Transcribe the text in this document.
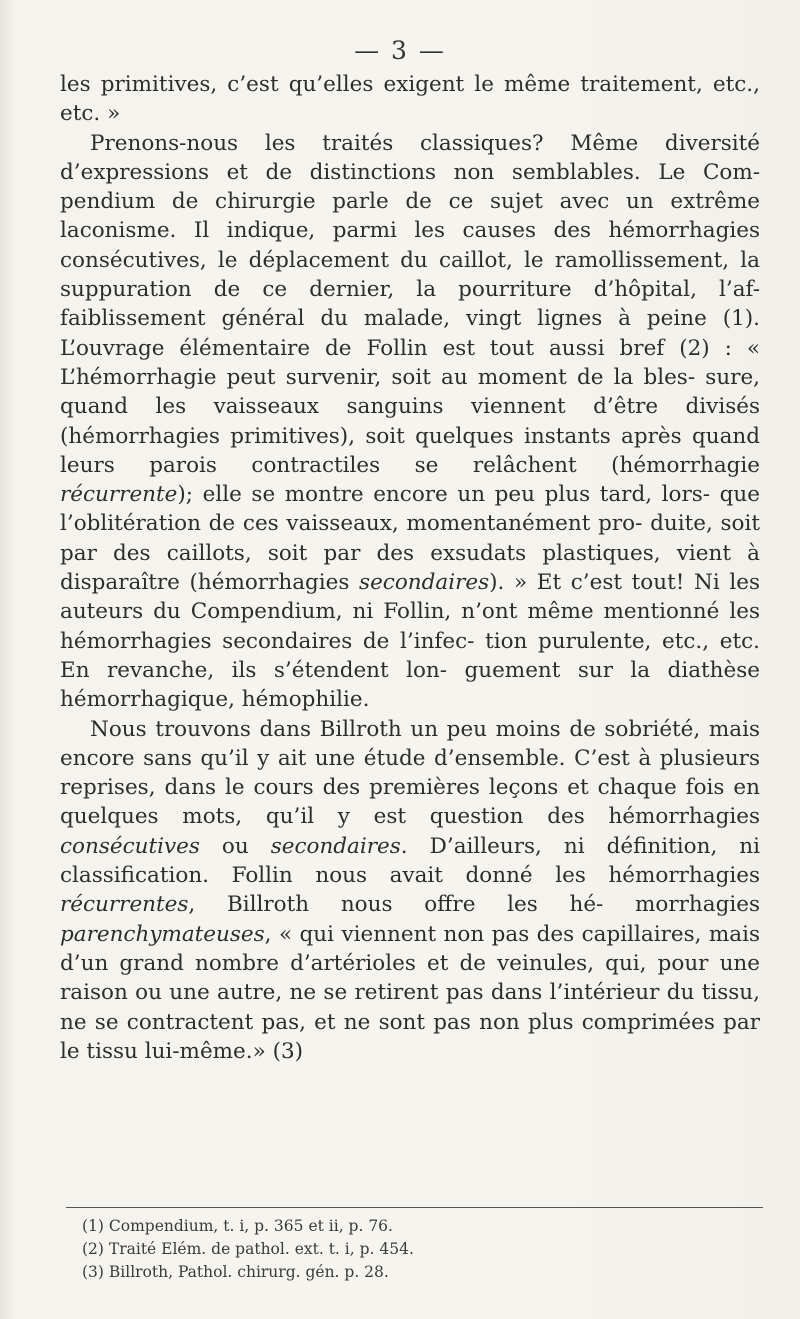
— 3 —

les primitives, c’est qu’elles exigent le même traitement, etc., etc. »

Prenons-nous les traités classiques? Même diversité d’expressions et de distinctions non semblables. Le Com- pendium de chirurgie parle de ce sujet avec un extrême laconisme. Il indique, parmi les causes des hémorrhagies consécutives, le déplacement du caillot, le ramollissement, la suppuration de ce dernier, la pourriture d’hôpital, l’af- faiblissement général du malade, vingt lignes à peine (1). L’ouvrage élémentaire de Follin est tout aussi bref (2) : « L’hémorrhagie peut survenir, soit au moment de la bles- sure, quand les vaisseaux sanguins viennent d’être divisés (hémorrhagies primitives), soit quelques instants après quand leurs parois contractiles se relâchent (hémorrhagie récurrente); elle se montre encore un peu plus tard, lors- que l’oblitération de ces vaisseaux, momentanément pro- duite, soit par des caillots, soit par des exsudats plastiques, vient à disparaître (hémorrhagies secondaires). » Et c’est tout! Ni les auteurs du Compendium, ni Follin, n’ont même mentionné les hémorrhagies secondaires de l’infec- tion purulente, etc., etc. En revanche, ils s’étendent lon- guement sur la diathèse hémorrhagique, hémophilie.

Nous trouvons dans Billroth un peu moins de sobriété, mais encore sans qu’il y ait une étude d’ensemble. C’est à plusieurs reprises, dans le cours des premières leçons et chaque fois en quelques mots, qu’il y est question des hémorrhagies consécutives ou secondaires. D’ailleurs, ni définition, ni classification. Follin nous avait donné les hémorrhagies récurrentes, Billroth nous offre les hé- morrhagies parenchymateuses, « qui viennent non pas des capillaires, mais d’un grand nombre d’artérioles et de veinules, qui, pour une raison ou une autre, ne se retirent pas dans l’intérieur du tissu, ne se contractent pas, et ne sont pas non plus comprimées par le tissu lui-même.» (3)

(1) Compendium, t. i, p. 365 et ii, p. 76.
(2) Traité Elém. de pathol. ext. t. i, p. 454.
(3) Billroth, Pathol. chirurg. gén. p. 28.
